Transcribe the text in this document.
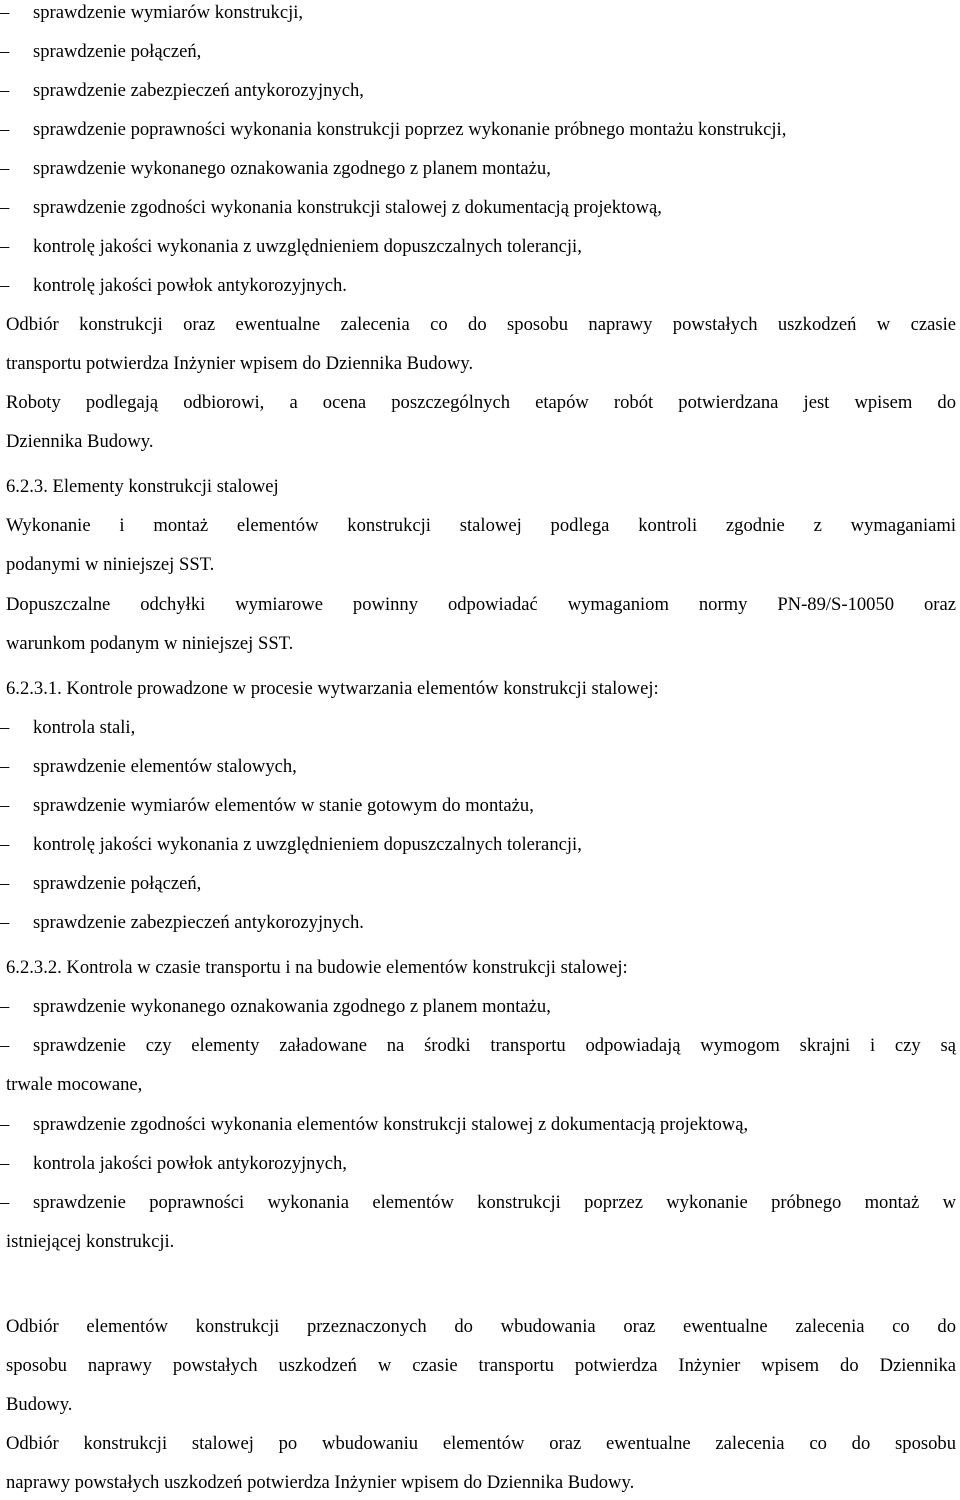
– sprawdzenie wymiarów konstrukcji,
– sprawdzenie połączeń,
– sprawdzenie zabezpieczeń antykorozyjnych,
– sprawdzenie poprawności wykonania konstrukcji poprzez wykonanie próbnego montażu konstrukcji,
– sprawdzenie wykonanego oznakowania zgodnego z planem montażu,
– sprawdzenie zgodności wykonania konstrukcji stalowej z dokumentacją projektową,
– kontrolę jakości wykonania z uwzględnieniem dopuszczalnych tolerancji,
– kontrolę jakości powłok antykorozyjnych.
Odbiór konstrukcji oraz ewentualne zalecenia co do sposobu naprawy powstałych uszkodzeń w czasie
transportu potwierdza Inżynier wpisem do Dziennika Budowy.
Roboty podlegają odbiorowi, a ocena poszczególnych etapów robót potwierdzana jest wpisem do
Dziennika Budowy.
6.2.3. Elementy konstrukcji stalowej
Wykonanie i montaż elementów konstrukcji stalowej podlega kontroli zgodnie z wymaganiami
podanymi w niniejszej SST.
Dopuszczalne odchyłki wymiarowe powinny odpowiadać wymaganiom normy PN-89/S-10050 oraz
warunkom podanym w niniejszej SST.
6.2.3.1. Kontrole prowadzone w procesie wytwarzania elementów konstrukcji stalowej:
– kontrola stali,
– sprawdzenie elementów stalowych,
– sprawdzenie wymiarów elementów w stanie gotowym do montażu,
– kontrolę jakości wykonania z uwzględnieniem dopuszczalnych tolerancji,
– sprawdzenie połączeń,
– sprawdzenie zabezpieczeń antykorozyjnych.
6.2.3.2. Kontrola w czasie transportu i na budowie elementów konstrukcji stalowej:
– sprawdzenie wykonanego oznakowania zgodnego z planem montażu,
– sprawdzenie czy elementy załadowane na środki transportu odpowiadają wymogom skrajni i czy są
trwale mocowane,
– sprawdzenie zgodności wykonania elementów konstrukcji stalowej z dokumentacją projektową,
– kontrola jakości powłok antykorozyjnych,
– sprawdzenie poprawności wykonania elementów konstrukcji poprzez wykonanie próbnego montaż w
istniejącej konstrukcji.
Odbiór elementów konstrukcji przeznaczonych do wbudowania oraz ewentualne zalecenia co do
sposobu naprawy powstałych uszkodzeń w czasie transportu potwierdza Inżynier wpisem do Dziennika
Budowy.
Odbiór konstrukcji stalowej po wbudowaniu elementów oraz ewentualne zalecenia co do sposobu
naprawy powstałych uszkodzeń potwierdza Inżynier wpisem do Dziennika Budowy.
